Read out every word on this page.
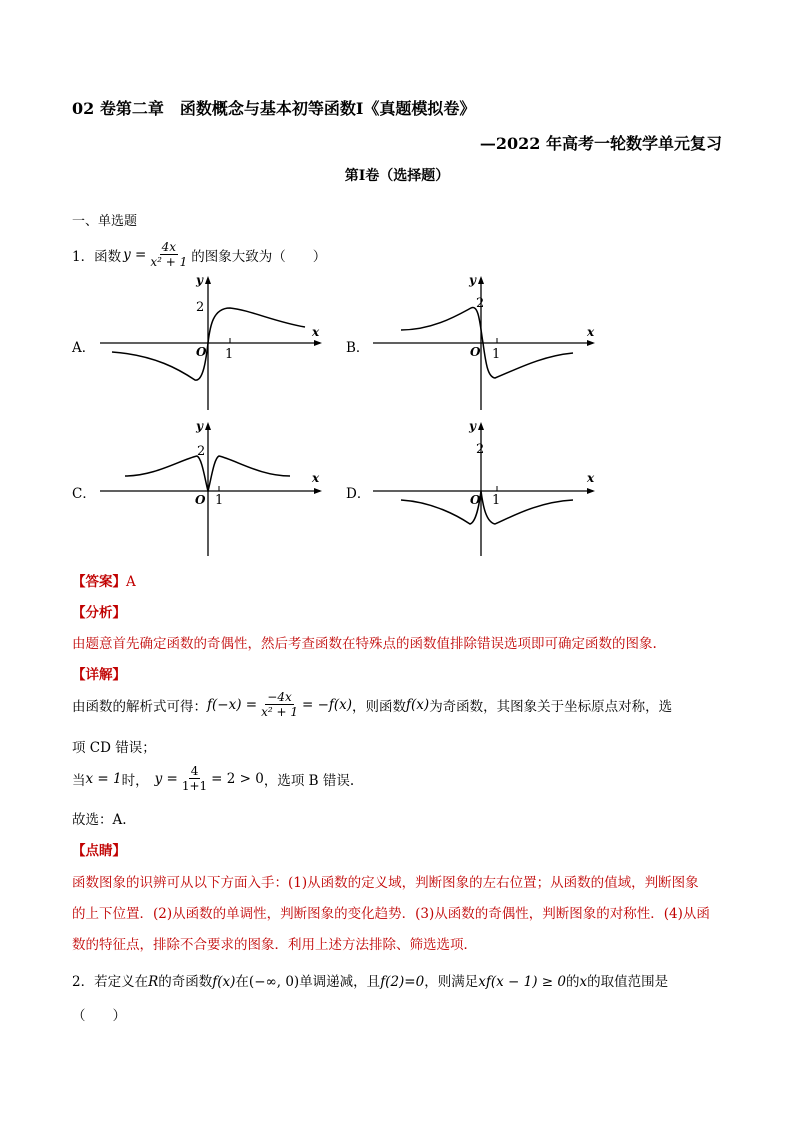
02 卷第二章　函数概念与基本初等函数Ⅰ《真题模拟卷》
—2022 年高考一轮数学单元复习
第Ⅰ卷（选择题）
一、单选题
1．函数 $y = \frac{4x}{\text{x² + 1}}$ 的图象大致为（　　）
A．	B．
C．	D．
x
y
O 1
2
x
y
O 1
2
x
y
O 1
2
x
y
O 1
2
【答案】A
【分析】
由题意首先确定函数的奇偶性，然后考查函数在特殊点的函数值排除错误选项即可确定函数的图象.
【详解】
由函数的解析式可得： $f(-x) = \frac{-4x}{\text{x² + 1}} = -f(x)$ ，则函数 f(x) 为奇函数，其图象关于坐标原点对称，选
项 CD 错误；
当 x = 1 时， $y = \frac{4}{1+1} = 2 > 0$ ，选项 B 错误.
故选：A.
【点睛】
函数图象的识辨可从以下方面入手：(1)从函数的定义域，判断图象的左右位置；从函数的值域，判断图象
的上下位置．(2)从函数的单调性，判断图象的变化趋势．(3)从函数的奇偶性，判断图象的对称性．(4)从函
数的特征点，排除不合要求的图象．利用上述方法排除、筛选选项．
2．若定义在R的奇函数f(x)在(−∞, 0)单调递减，且f(2)=0，则满足xf(x − 1) ≥ 0的x的取值范围是
（　　）
